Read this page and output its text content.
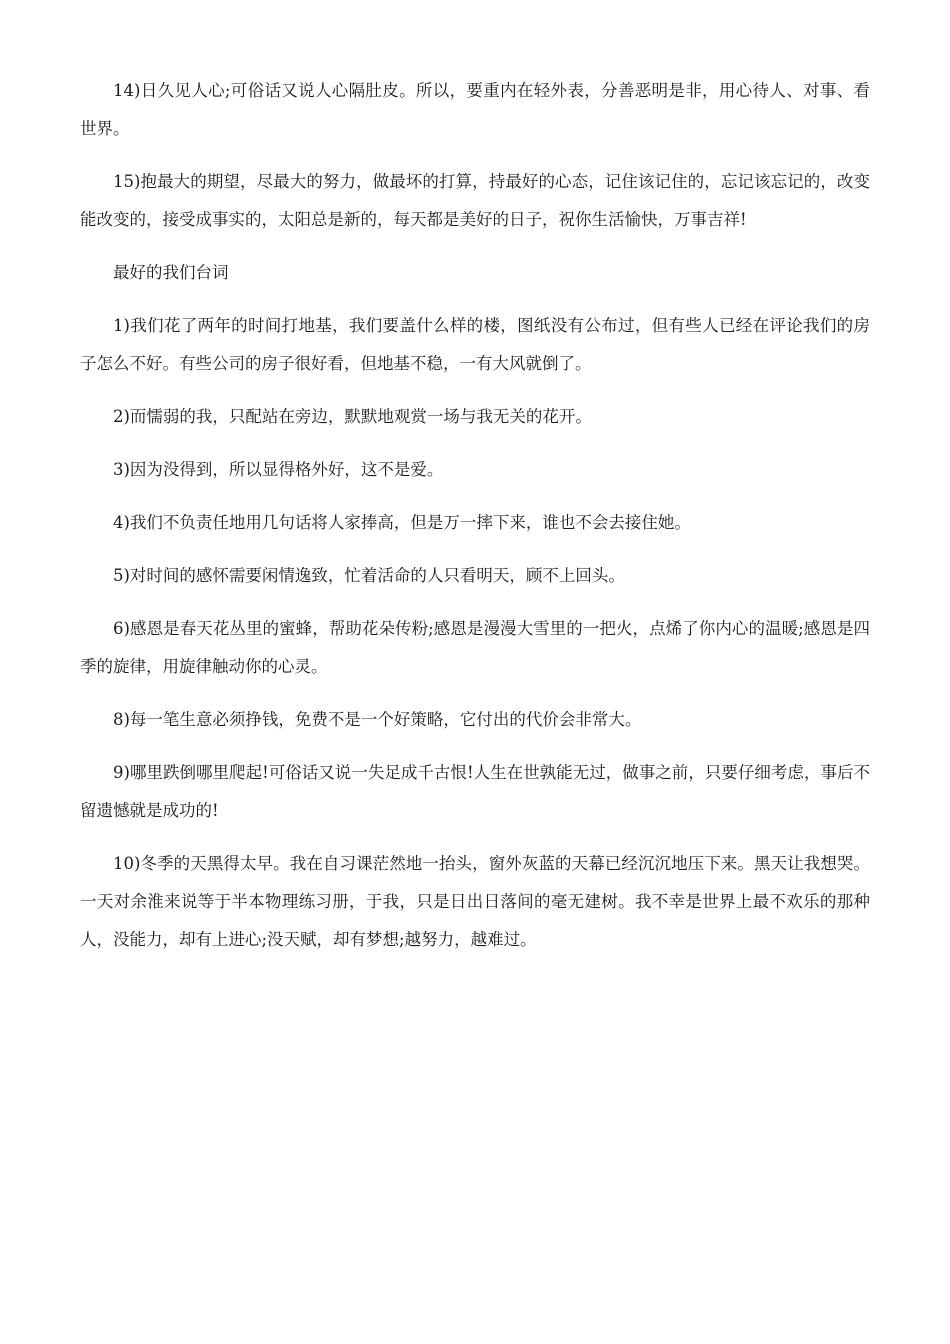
14)日久见人心;可俗话又说人心隔肚皮。所以，要重内在轻外表，分善恶明是非，用心待人、对事、看世界。

15)抱最大的期望，尽最大的努力，做最坏的打算，持最好的心态，记住该记住的，忘记该忘记的，改变能改变的，接受成事实的，太阳总是新的，每天都是美好的日子，祝你生活愉快，万事吉祥!

最好的我们台词

1)我们花了两年的时间打地基，我们要盖什么样的楼，图纸没有公布过，但有些人已经在评论我们的房子怎么不好。有些公司的房子很好看，但地基不稳，一有大风就倒了。

2)而懦弱的我，只配站在旁边，默默地观赏一场与我无关的花开。

3)因为没得到，所以显得格外好，这不是爱。

4)我们不负责任地用几句话将人家捧高，但是万一摔下来，谁也不会去接住她。

5)对时间的感怀需要闲情逸致，忙着活命的人只看明天，顾不上回头。

6)感恩是春天花丛里的蜜蜂，帮助花朵传粉;感恩是漫漫大雪里的一把火，点烯了你内心的温暖;感恩是四季的旋律，用旋律触动你的心灵。

8)每一笔生意必须挣钱，免费不是一个好策略，它付出的代价会非常大。

9)哪里跌倒哪里爬起!可俗话又说一失足成千古恨!人生在世孰能无过，做事之前，只要仔细考虑，事后不留遗憾就是成功的!

10)冬季的天黑得太早。我在自习课茫然地一抬头，窗外灰蓝的天幕已经沉沉地压下来。黑天让我想哭。一天对余淮来说等于半本物理练习册，于我，只是日出日落间的毫无建树。我不幸是世界上最不欢乐的那种人，没能力，却有上进心;没天赋，却有梦想;越努力，越难过。
